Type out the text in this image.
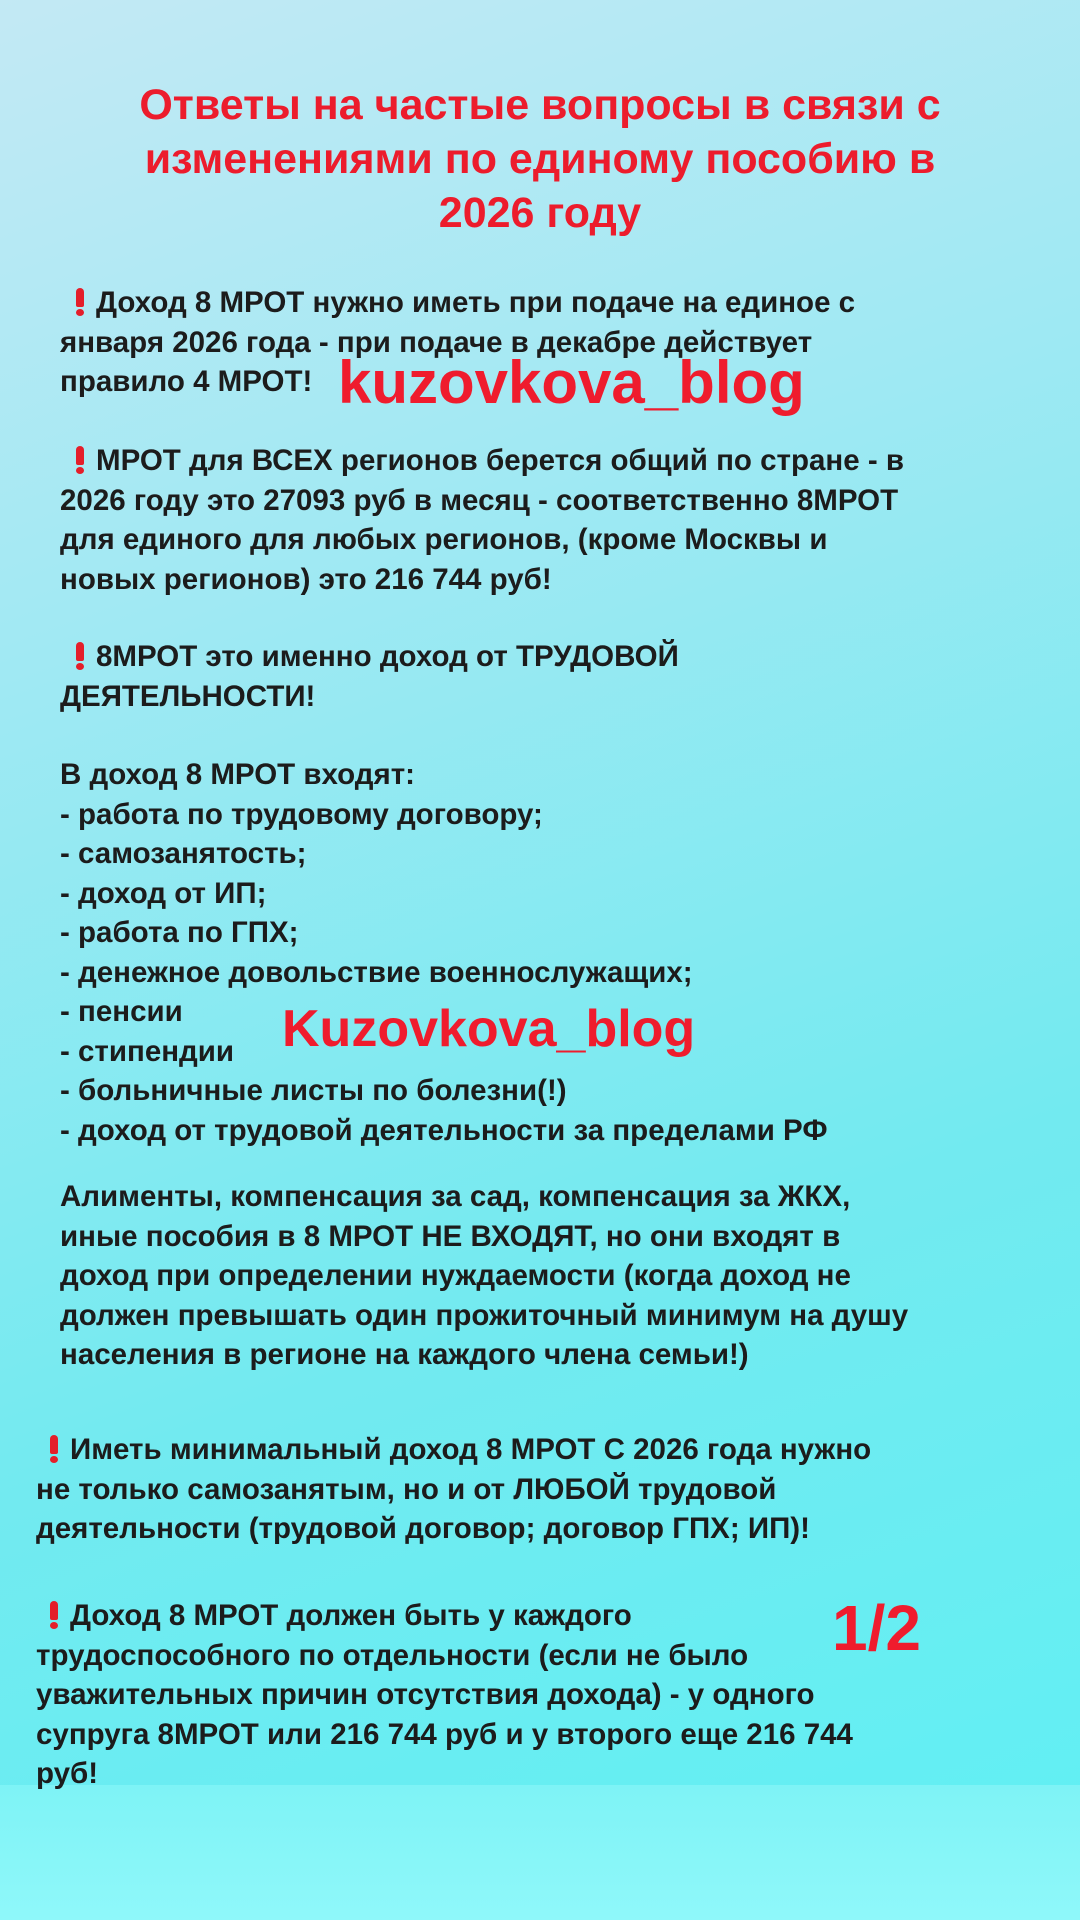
Ответы на частые вопросы в связи с
изменениями по единому пособию в
2026 году
Доход 8 МРОТ нужно иметь при подаче на единое с
января 2026 года - при подаче в декабре действует
правило 4 МРОТ!
МРОТ для ВСЕХ регионов берется общий по стране - в
2026 году это 27093 руб в месяц - соответственно 8МРОТ
для единого для любых регионов, (кроме Москвы и
новых регионов) это 216 744 руб!
8МРОТ это именно доход от ТРУДОВОЙ
ДЕЯТЕЛЬНОСТИ!
В доход 8 МРОТ входят:
- работа по трудовому договору;
- самозанятость;
- доход от ИП;
- работа по ГПХ;
- денежное довольствие военнослужащих;
- пенсии
- стипендии
- больничные листы по болезни(!)
- доход от трудовой деятельности за пределами РФ
Алименты, компенсация за сад, компенсация за ЖКХ,
иные пособия в 8 МРОТ НЕ ВХОДЯТ, но они входят в
доход при определении нуждаемости (когда доход не
должен превышать один прожиточный минимум на душу
населения в регионе на каждого члена семьи!)
Иметь минимальный доход 8 МРОТ С 2026 года нужно
не только самозанятым, но и от ЛЮБОЙ трудовой
деятельности (трудовой договор; договор ГПХ; ИП)!
Доход 8 МРОТ должен быть у каждого
трудоспособного по отдельности (если не было
уважительных причин отсутствия дохода) - у одного
супруга 8МРОТ или 216 744 руб и у второго еще 216 744
руб!
kuzovkova_blog
Kuzovkova_blog
1/2
